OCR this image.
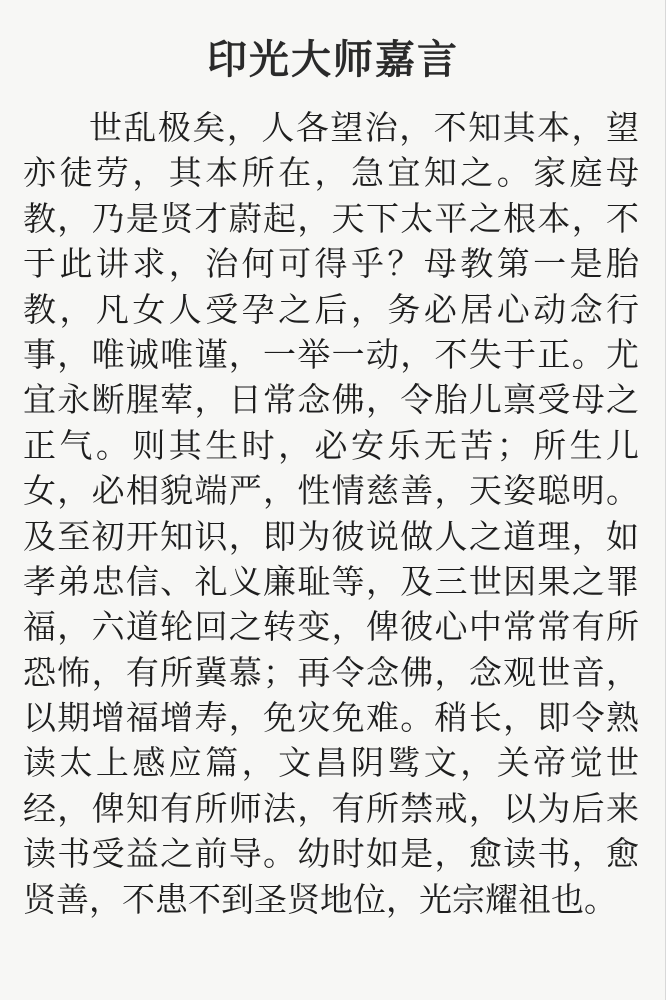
印光大师嘉言
世乱极矣，人各望治，不知其本，望
亦徒劳，其本所在，急宜知之。家庭母
教，乃是贤才蔚起，天下太平之根本，不
于此讲求，治何可得乎？母教第一是胎
教，凡女人受孕之后，务必居心动念行
事，唯诚唯谨，一举一动，不失于正。尤
宜永断腥荤，日常念佛，令胎儿禀受母之
正气。则其生时，必安乐无苦；所生儿
女，必相貌端严，性情慈善，天姿聪明。
及至初开知识，即为彼说做人之道理，如
孝弟忠信、礼义廉耻等，及三世因果之罪
福，六道轮回之转变，俾彼心中常常有所
恐怖，有所冀慕；再令念佛，念观世音，
以期增福增寿，免灾免难。稍长，即令熟
读太上感应篇，文昌阴骘文，关帝觉世
经，俾知有所师法，有所禁戒，以为后来
读书受益之前导。幼时如是，愈读书，愈
贤善，不患不到圣贤地位，光宗耀祖也。
